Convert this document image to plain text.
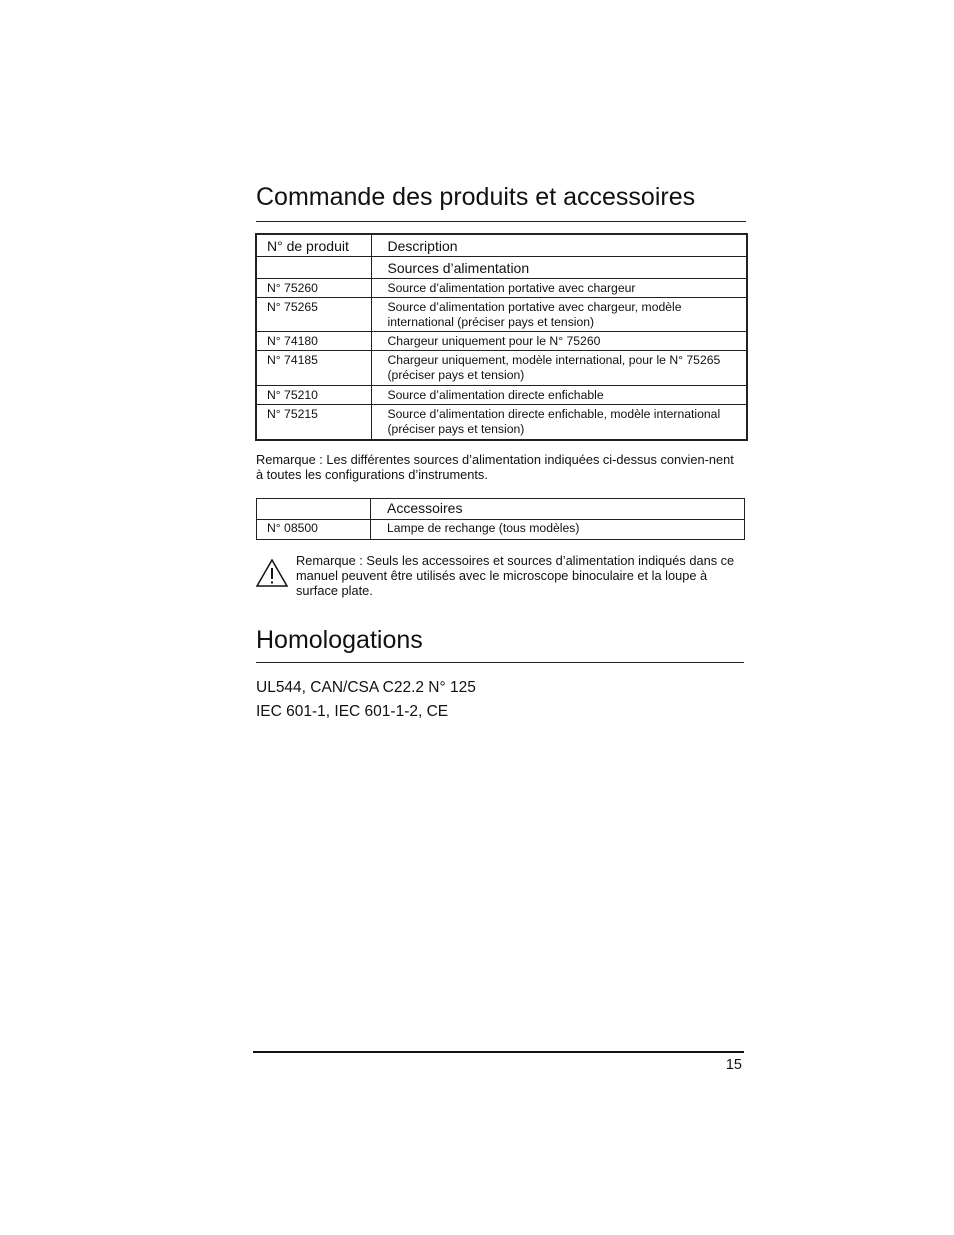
Commande des produits et accessoires
N° de produit	Description
	Sources d’alimentation
N° 75260	Source d’alimentation portative avec chargeur
N° 75265	Source d’alimentation portative avec chargeur, modèle international (préciser pays et tension)
N° 74180	Chargeur uniquement pour le N° 75260
N° 74185	Chargeur uniquement, modèle international, pour le N° 75265 (préciser pays et tension)
N° 75210	Source d’alimentation directe enfichable
N° 75215	Source d’alimentation directe enfichable, modèle international (préciser pays et tension)

Remarque : Les différentes sources d’alimentation indiquées ci-dessus convien-nent à toutes les configurations d’instruments.

	Accessoires
N° 08500	Lampe de rechange (tous modèles)

Remarque : Seuls les accessoires et sources d’alimentation indiqués dans ce manuel peuvent être utilisés avec le microscope binoculaire et la loupe à surface plate.

Homologations
UL544, CAN/CSA C22.2 N° 125
IEC 601-1, IEC 601-1-2, CE
15
